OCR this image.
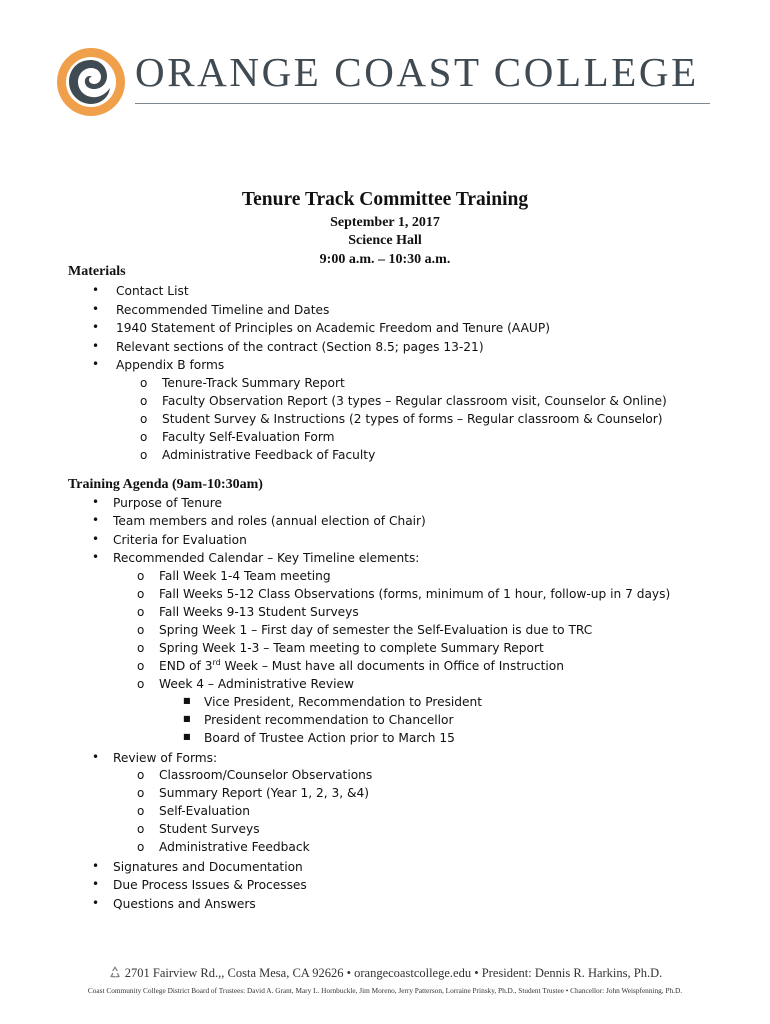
ORANGE COAST COLLEGE
Tenure Track Committee Training
September 1, 2017
Science Hall
9:00 a.m. – 10:30 a.m.
Materials
• Contact List
• Recommended Timeline and Dates
• 1940 Statement of Principles on Academic Freedom and Tenure (AAUP)
• Relevant sections of the contract (Section 8.5; pages 13-21)
• Appendix B forms
o Tenure-Track Summary Report
o Faculty Observation Report (3 types – Regular classroom visit, Counselor & Online)
o Student Survey & Instructions (2 types of forms – Regular classroom & Counselor)
o Faculty Self-Evaluation Form
o Administrative Feedback of Faculty
Training Agenda (9am-10:30am)
• Purpose of Tenure
• Team members and roles (annual election of Chair)
• Criteria for Evaluation
• Recommended Calendar – Key Timeline elements:
o Fall Week 1-4 Team meeting
o Fall Weeks 5-12 Class Observations (forms, minimum of 1 hour, follow-up in 7 days)
o Fall Weeks 9-13 Student Surveys
o Spring Week 1 – First day of semester the Self-Evaluation is due to TRC
o Spring Week 1-3 – Team meeting to complete Summary Report
o END of 3rd Week – Must have all documents in Office of Instruction
o Week 4 – Administrative Review
■ Vice President, Recommendation to President
■ President recommendation to Chancellor
■ Board of Trustee Action prior to March 15
• Review of Forms:
o Classroom/Counselor Observations
o Summary Report (Year 1, 2, 3, &4)
o Self-Evaluation
o Student Surveys
o Administrative Feedback
• Signatures and Documentation
• Due Process Issues & Processes
• Questions and Answers
2701 Fairview Rd.,, Costa Mesa, CA 92626 • orangecoastcollege.edu • President: Dennis R. Harkins, Ph.D.
Coast Community College District Board of Trustees: David A. Grant, Mary L. Hornbuckle, Jim Moreno, Jerry Patterson, Lorraine Prinsky, Ph.D., Student Trustee • Chancellor: John Weispfenning, Ph.D.
